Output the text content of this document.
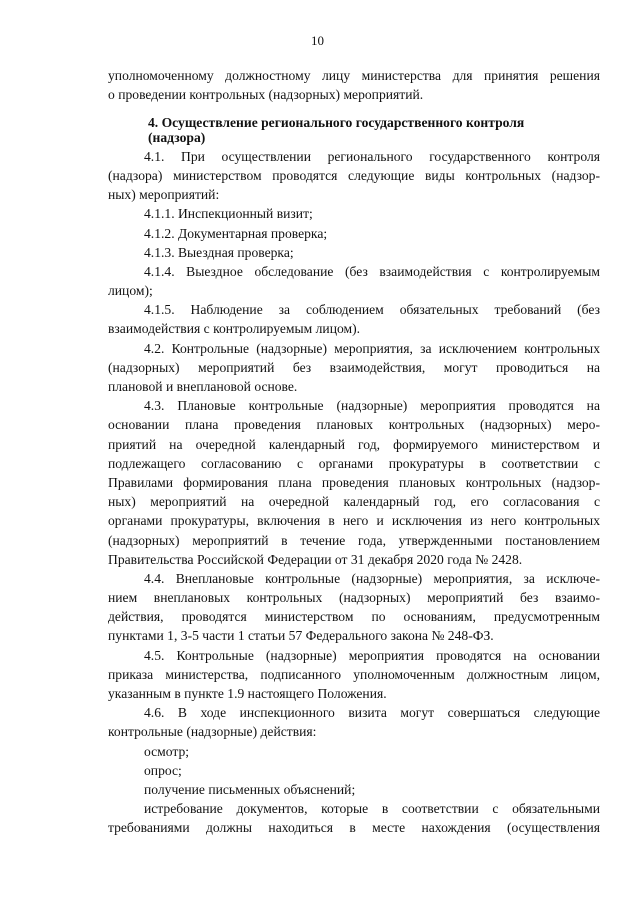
10
уполномоченному должностному лицу министерства для принятия решения
о проведении контрольных (надзорных) мероприятий.
4. Осуществление регионального государственного контроля
(надзора)
4.1. При осуществлении регионального государственного контроля
(надзора) министерством проводятся следующие виды контрольных (надзор-
ных) мероприятий:
4.1.1. Инспекционный визит;
4.1.2. Документарная проверка;
4.1.3. Выездная проверка;
4.1.4. Выездное обследование (без взаимодействия с контролируемым
лицом);
4.1.5. Наблюдение за соблюдением обязательных требований (без
взаимодействия с контролируемым лицом).
4.2. Контрольные (надзорные) мероприятия, за исключением контрольных
(надзорных) мероприятий без взаимодействия, могут проводиться на
плановой и внеплановой основе.
4.3. Плановые контрольные (надзорные) мероприятия проводятся на
основании плана проведения плановых контрольных (надзорных) меро-
приятий на очередной календарный год, формируемого министерством и
подлежащего согласованию с органами прокуратуры в соответствии с
Правилами формирования плана проведения плановых контрольных (надзор-
ных) мероприятий на очередной календарный год, его согласования с
органами прокуратуры, включения в него и исключения из него контрольных
(надзорных) мероприятий в течение года, утвержденными постановлением
Правительства Российской Федерации от 31 декабря 2020 года № 2428.
4.4. Внеплановые контрольные (надзорные) мероприятия, за исключе-
нием внеплановых контрольных (надзорных) мероприятий без взаимо-
действия, проводятся министерством по основаниям, предусмотренным
пунктами 1, 3-5 части 1 статьи 57 Федерального закона № 248-ФЗ.
4.5. Контрольные (надзорные) мероприятия проводятся на основании
приказа министерства, подписанного уполномоченным должностным лицом,
указанным в пункте 1.9 настоящего Положения.
4.6. В ходе инспекционного визита могут совершаться следующие
контрольные (надзорные) действия:
осмотр;
опрос;
получение письменных объяснений;
истребование документов, которые в соответствии с обязательными
требованиями должны находиться в месте нахождения (осуществления
